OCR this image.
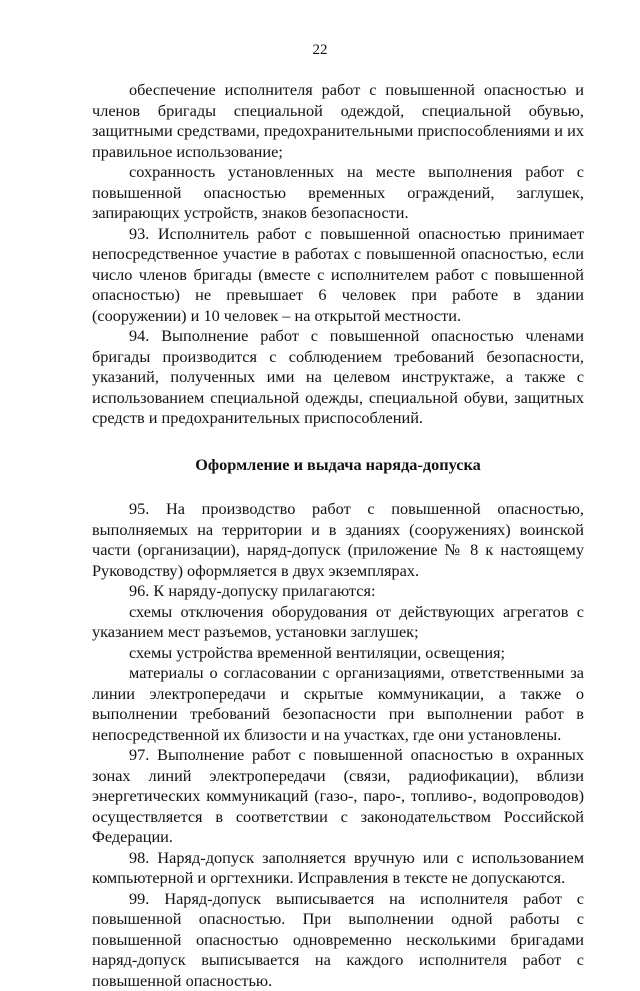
22

обеспечение исполнителя работ с повышенной опасностью и членов бригады специальной одеждой, специальной обувью, защитными средствами, предохранительными приспособлениями и их правильное использование;

сохранность установленных на месте выполнения работ с повышенной опасностью временных ограждений, заглушек, запирающих устройств, знаков безопасности.

93. Исполнитель работ с повышенной опасностью принимает непосредственное участие в работах с повышенной опасностью, если число членов бригады (вместе с исполнителем работ с повышенной опасностью) не превышает 6 человек при работе в здании (сооружении) и 10 человек – на открытой местности.

94. Выполнение работ с повышенной опасностью членами бригады производится с соблюдением требований безопасности, указаний, полученных ими на целевом инструктаже, а также с использованием специальной одежды, специальной обуви, защитных средств и предохранительных приспособлений.

Оформление и выдача наряда-допуска

95. На производство работ с повышенной опасностью, выполняемых на территории и в зданиях (сооружениях) воинской части (организации), наряд-допуск (приложение № 8 к настоящему Руководству) оформляется в двух экземплярах.

96. К наряду-допуску прилагаются:

схемы отключения оборудования от действующих агрегатов с указанием мест разъемов, установки заглушек;

схемы устройства временной вентиляции, освещения;

материалы о согласовании с организациями, ответственными за линии электропередачи и скрытые коммуникации, а также о выполнении требований безопасности при выполнении работ в непосредственной их близости и на участках, где они установлены.

97. Выполнение работ с повышенной опасностью в охранных зонах линий электропередачи (связи, радиофикации), вблизи энергетических коммуникаций (газо-, паро-, топливо-, водопроводов) осуществляется в соответствии с законодательством Российской Федерации.

98. Наряд-допуск заполняется вручную или с использованием компьютерной и оргтехники. Исправления в тексте не допускаются.

99. Наряд-допуск выписывается на исполнителя работ с повышенной опасностью. При выполнении одной работы с повышенной опасностью одновременно несколькими бригадами наряд-допуск выписывается на каждого исполнителя работ с повышенной опасностью.
